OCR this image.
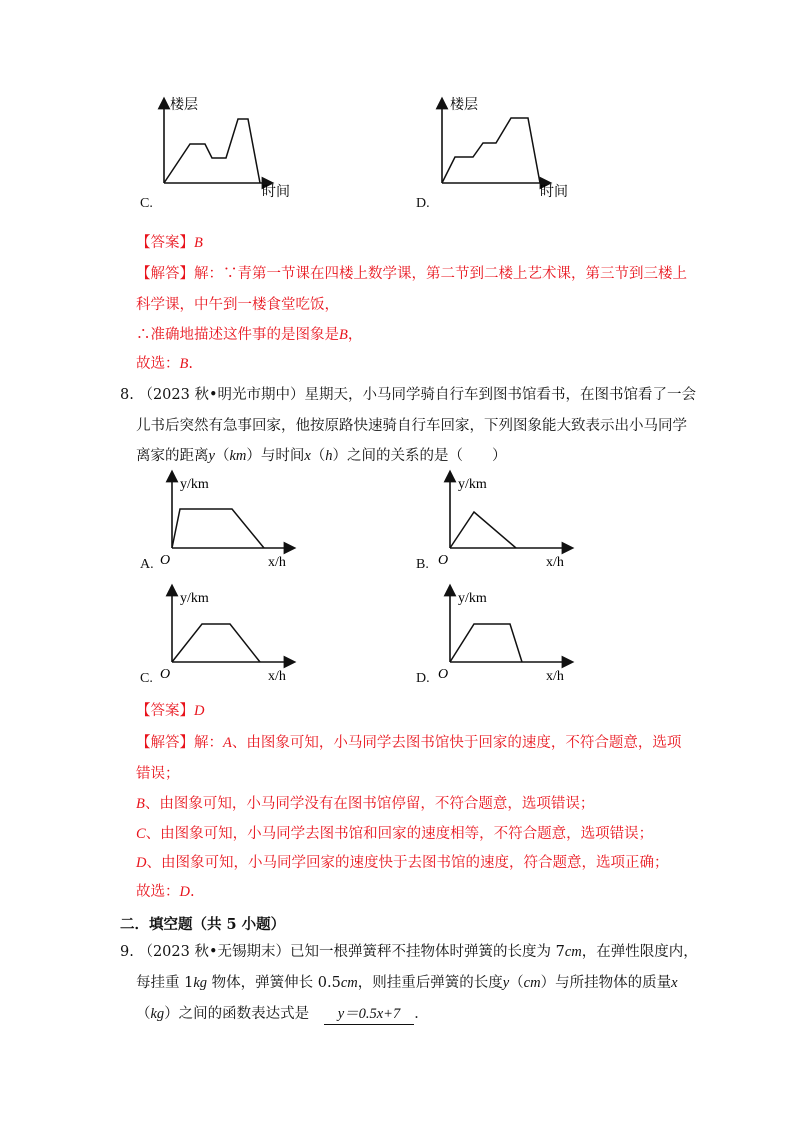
楼层
时间
C.
楼层
时间
D.
【答案】B
【解答】解：∵青第一节课在四楼上数学课，第二节到二楼上艺术课，第三节到三楼上
科学课，中午到一楼食堂吃饭，
∴准确地描述这件事的是图象是B，
故选：B.
8. （2023 秋•明光市期中）星期天，小马同学骑自行车到图书馆看书，在图书馆看了一会
儿书后突然有急事回家，他按原路快速骑自行车回家，下列图象能大致表示出小马同学
离家的距离y（km）与时间x（h）之间的关系的是（　　）
y/km
O	x/h
A.
y/km
O	x/h
B.
y/km
O	x/h
C.
y/km
O	x/h
D.
【答案】D
【解答】解：A、由图象可知，小马同学去图书馆快于回家的速度，不符合题意，选项
错误；
B、由图象可知，小马同学没有在图书馆停留，不符合题意，选项错误；
C、由图象可知，小马同学去图书馆和回家的速度相等，不符合题意，选项错误；
D、由图象可知，小马同学回家的速度快于去图书馆的速度，符合题意，选项正确；
故选：D.
二．填空题（共 5 小题）
9. （2023 秋•无锡期末）已知一根弹簧秤不挂物体时弹簧的长度为 7cm，在弹性限度内，
每挂重 1kg 物体，弹簧伸长 0.5cm，则挂重后弹簧的长度y（cm）与所挂物体的质量x
（kg）之间的函数表达式是　y＝0.5x+7 ．
